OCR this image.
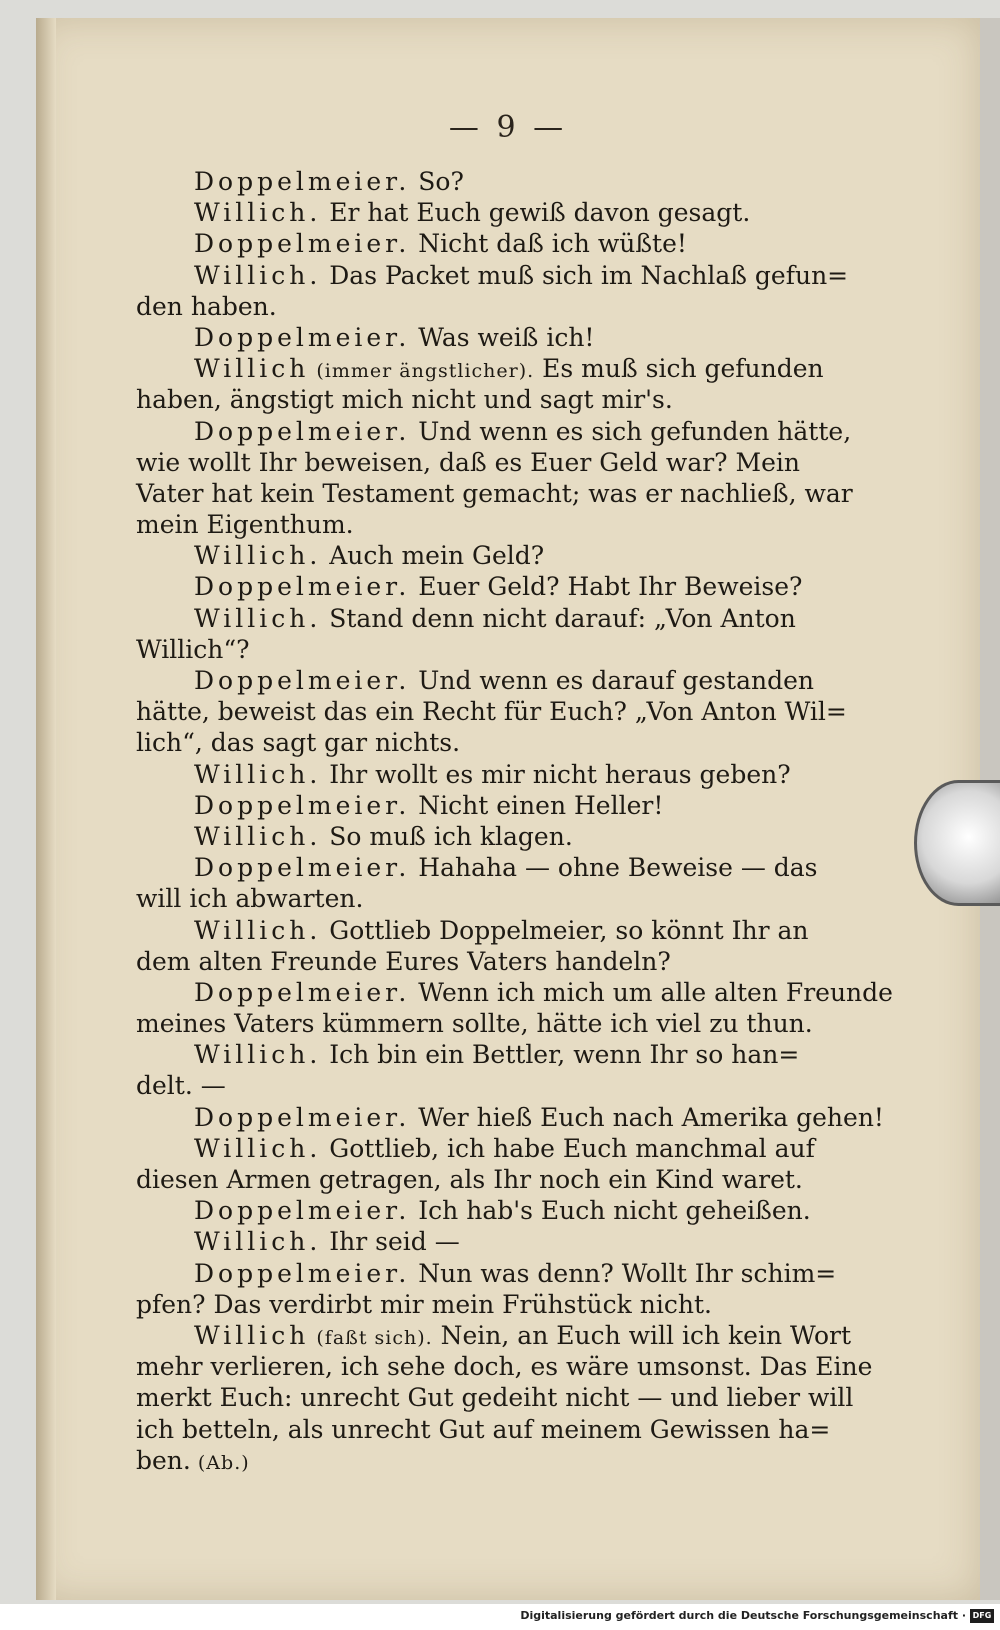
— 9 —
Doppelmeier. So?
Willich. Er hat Euch gewiß davon gesagt.
Doppelmeier. Nicht daß ich wüßte!
Willich. Das Packet muß sich im Nachlaß gefun=
den haben.
Doppelmeier. Was weiß ich!
Willich (immer ängstlicher). Es muß sich gefunden
haben, ängstigt mich nicht und sagt mir's.
Doppelmeier. Und wenn es sich gefunden hätte,
wie wollt Ihr beweisen, daß es Euer Geld war? Mein
Vater hat kein Testament gemacht; was er nachließ, war
mein Eigenthum.
Willich. Auch mein Geld?
Doppelmeier. Euer Geld? Habt Ihr Beweise?
Willich. Stand denn nicht darauf: „Von Anton
Willich“?
Doppelmeier. Und wenn es darauf gestanden
hätte, beweist das ein Recht für Euch? „Von Anton Wil=
lich“, das sagt gar nichts.
Willich. Ihr wollt es mir nicht heraus geben?
Doppelmeier. Nicht einen Heller!
Willich. So muß ich klagen.
Doppelmeier. Hahaha — ohne Beweise — das
will ich abwarten.
Willich. Gottlieb Doppelmeier, so könnt Ihr an
dem alten Freunde Eures Vaters handeln?
Doppelmeier. Wenn ich mich um alle alten Freunde
meines Vaters kümmern sollte, hätte ich viel zu thun.
Willich. Ich bin ein Bettler, wenn Ihr so han=
delt. —
Doppelmeier. Wer hieß Euch nach Amerika gehen!
Willich. Gottlieb, ich habe Euch manchmal auf
diesen Armen getragen, als Ihr noch ein Kind waret.
Doppelmeier. Ich hab's Euch nicht geheißen.
Willich. Ihr seid —
Doppelmeier. Nun was denn? Wollt Ihr schim=
pfen? Das verdirbt mir mein Frühstück nicht.
Willich (faßt sich). Nein, an Euch will ich kein Wort
mehr verlieren, ich sehe doch, es wäre umsonst. Das Eine
merkt Euch: unrecht Gut gedeiht nicht — und lieber will
ich betteln, als unrecht Gut auf meinem Gewissen ha=
ben. (Ab.)
Digitalisierung gefördert durch die Deutsche Forschungsgemeinschaft · DFG
